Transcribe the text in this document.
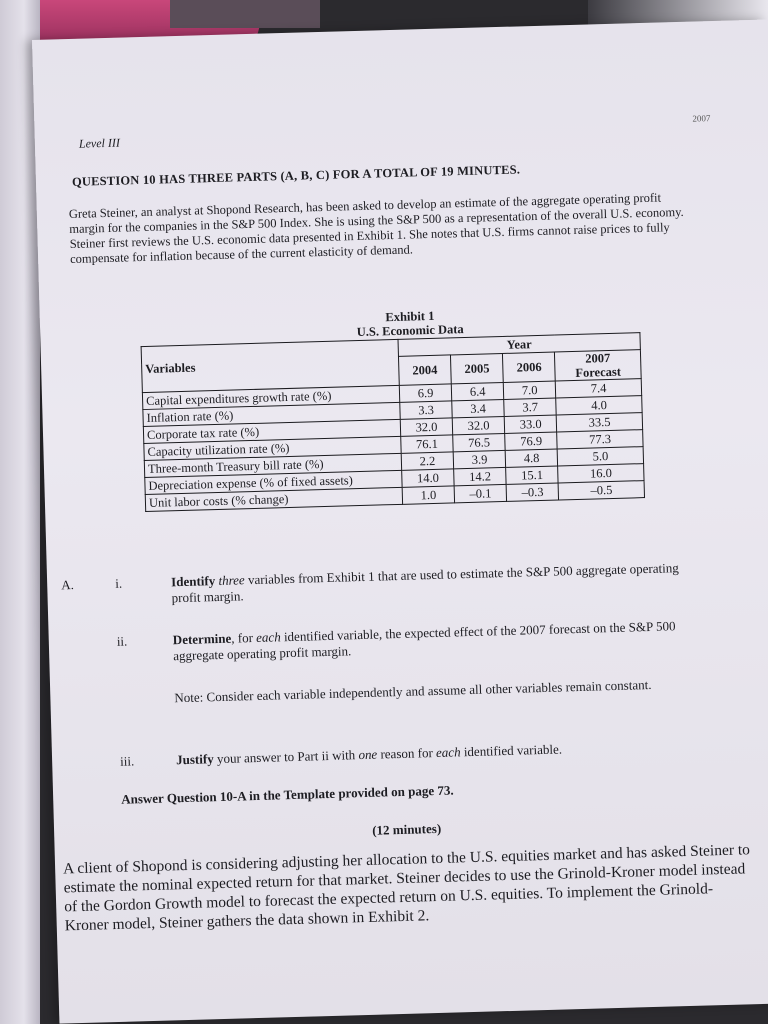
2007
Level III
QUESTION 10 HAS THREE PARTS (A, B, C) FOR A TOTAL OF 19 MINUTES.

Greta Steiner, an analyst at Shopond Research, has been asked to develop an estimate of the aggregate operating profit margin for the companies in the S&P 500 Index. She is using the S&P 500 as a representation of the overall U.S. economy. Steiner first reviews the U.S. economic data presented in Exhibit 1. She notes that U.S. firms cannot raise prices to fully compensate for inflation because of the current elasticity of demand.

Exhibit 1
U.S. Economic Data
Variables	Year			
	2004	2005	2006	2007
Forecast

Capital expenditures growth rate (%)	6.9	6.4	7.0	7.4
Inflation rate (%)	3.3	3.4	3.7	4.0
Corporate tax rate (%)	32.0	32.0	33.0	33.5
Capacity utilization rate (%)	76.1	76.5	76.9	77.3
Three-month Treasury bill rate (%)	2.2	3.9	4.8	5.0
Depreciation expense (% of fixed assets)	14.0	14.2	15.1	16.0
Unit labor costs (% change)	1.0	–0.1	–0.3	–0.5
A.	i.	Identify three variables from Exhibit 1 that are used to estimate the S&P 500 aggregate operating profit margin.
ii.	Determine, for each identified variable, the expected effect of the 2007 forecast on the S&P 500 aggregate operating profit margin.
Note: Consider each variable independently and assume all other variables remain constant.
iii.	Justify your answer to Part ii with one reason for each identified variable.
Answer Question 10-A in the Template provided on page 73.
(12 minutes)

A client of Shopond is considering adjusting her allocation to the U.S. equities market and has asked Steiner to estimate the nominal expected return for that market. Steiner decides to use the Grinold-Kroner model instead of the Gordon Growth model to forecast the expected return on U.S. equities. To implement the Grinold-Kroner model, Steiner gathers the data shown in Exhibit 2.
